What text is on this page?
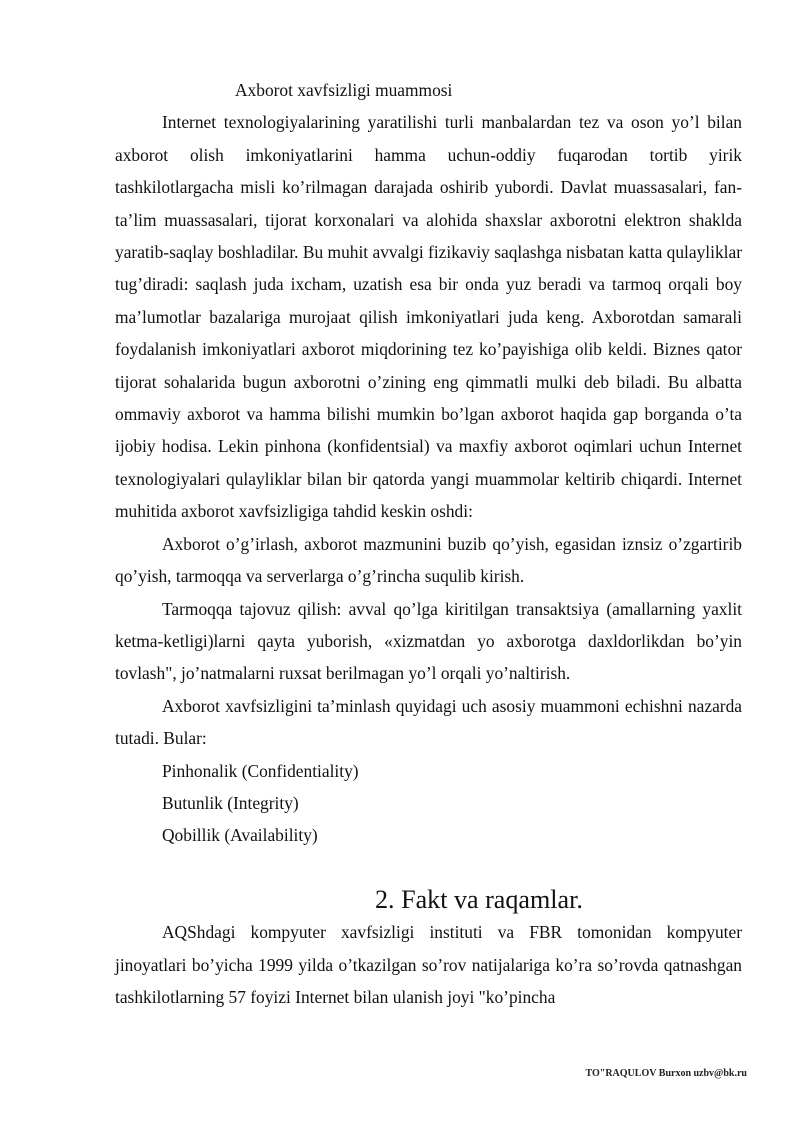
Axborot xavfsizligi muammosi

Internet texnologiyalarining yaratilishi turli manbalardan tez va oson yo’l bilan axborot olish imkoniyatlarini hamma uchun-oddiy fuqarodan tortib yirik tashkilotlargacha misli ko’rilmagan darajada oshirib yubordi. Davlat muassasalari, fan-ta’lim muassasalari, tijorat korxonalari va alohida shaxslar axborotni elektron shaklda yaratib-saqlay boshladilar. Bu muhit avvalgi fizikaviy saqlashga nisbatan katta qulayliklar tug’diradi: saqlash juda ixcham, uzatish esa bir onda yuz beradi va tarmoq orqali boy ma’lumotlar bazalariga murojaat qilish imkoniyatlari juda keng. Axborotdan samarali foydalanish imkoniyatlari axborot miqdorining tez ko’payishiga olib keldi. Biznes qator tijorat sohalarida bugun axborotni o’zining eng qimmatli mulki deb biladi. Bu albatta ommaviy axborot va hamma bilishi mumkin bo’lgan axborot haqida gap borganda o’ta ijobiy hodisa. Lekin pinhona (konfidentsial) va maxfiy axborot oqimlari uchun Internet texnologiyalari qulayliklar bilan bir qatorda yangi muammolar keltirib chiqardi. Internet muhitida axborot xavfsizligiga tahdid keskin oshdi:

Axborot o’g’irlash, axborot mazmunini buzib qo’yish, egasidan iznsiz o’zgartirib qo’yish, tarmoqqa va serverlarga o’g’rincha suqulib kirish.

Tarmoqqa tajovuz qilish: avval qo’lga kiritilgan transaktsiya (amallarning yaxlit ketma-ketligi)larni qayta yuborish, «xizmatdan yo axborotga daxldorlikdan bo’yin tovlash", jo’natmalarni ruxsat berilmagan yo’l orqali yo’naltirish.

Axborot xavfsizligini ta’minlash quyidagi uch asosiy muammoni echishni nazarda tutadi. Bular:

Pinhonalik (Confidentiality)

Butunlik (Integrity)

Qobillik (Availability)

2. Fakt va raqamlar.

AQShdagi kompyuter xavfsizligi instituti va FBR tomonidan kompyuter jinoyatlari bo’yicha 1999 yilda o’tkazilgan so’rov natijalariga ko’ra so’rovda qatnashgan tashkilotlarning 57 foyizi Internet bilan ulanish joyi "ko’pincha

TO"RAQULOV Burxon uzbv@bk.ru
